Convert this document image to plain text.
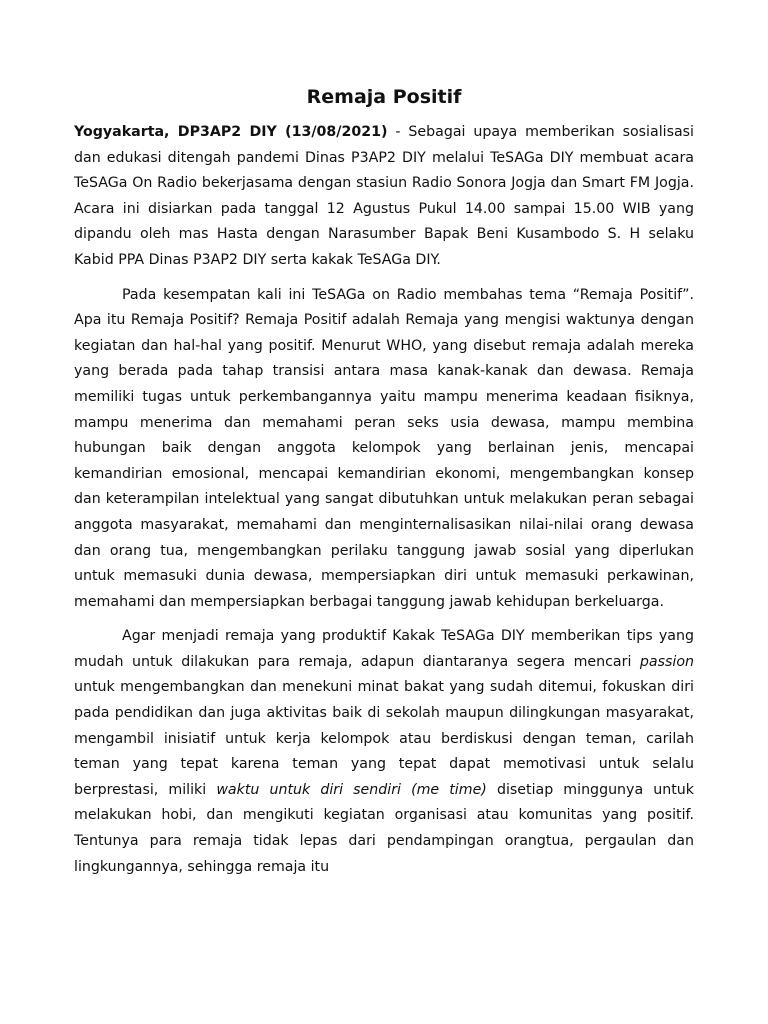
Remaja Positif

Yogyakarta, DP3AP2 DIY (13/08/2021) - Sebagai upaya memberikan sosialisasi dan edukasi ditengah pandemi Dinas P3AP2 DIY melalui TeSAGa DIY membuat acara TeSAGa On Radio bekerjasama dengan stasiun Radio Sonora Jogja dan Smart FM Jogja. Acara ini disiarkan pada tanggal 12 Agustus Pukul 14.00 sampai 15.00 WIB yang dipandu oleh mas Hasta dengan Narasumber Bapak Beni Kusambodo S. H selaku Kabid PPA Dinas P3AP2 DIY serta kakak TeSAGa DIY.

Pada kesempatan kali ini TeSAGa on Radio membahas tema “Remaja Positif”. Apa itu Remaja Positif? Remaja Positif adalah Remaja yang mengisi waktunya dengan kegiatan dan hal-hal yang positif. Menurut WHO, yang disebut remaja adalah mereka yang berada pada tahap transisi antara masa kanak-kanak dan dewasa. Remaja memiliki tugas untuk perkembangannya yaitu mampu menerima keadaan fisiknya, mampu menerima dan memahami peran seks usia dewasa, mampu membina hubungan baik dengan anggota kelompok yang berlainan jenis, mencapai kemandirian emosional, mencapai kemandirian ekonomi, mengembangkan konsep dan keterampilan intelektual yang sangat dibutuhkan untuk melakukan peran sebagai anggota masyarakat, memahami dan menginternalisasikan nilai-nilai orang dewasa dan orang tua, mengembangkan perilaku tanggung jawab sosial yang diperlukan untuk memasuki dunia dewasa, mempersiapkan diri untuk memasuki perkawinan, memahami dan mempersiapkan berbagai tanggung jawab kehidupan berkeluarga.

Agar menjadi remaja yang produktif Kakak TeSAGa DIY memberikan tips yang mudah untuk dilakukan para remaja, adapun diantaranya segera mencari passion untuk mengembangkan dan menekuni minat bakat yang sudah ditemui, fokuskan diri pada pendidikan dan juga aktivitas baik di sekolah maupun dilingkungan masyarakat, mengambil inisiatif untuk kerja kelompok atau berdiskusi dengan teman, carilah teman yang tepat karena teman yang tepat dapat memotivasi untuk selalu berprestasi, miliki waktu untuk diri sendiri (me time) disetiap minggunya untuk melakukan hobi, dan mengikuti kegiatan organisasi atau komunitas yang positif. Tentunya para remaja tidak lepas dari pendampingan orangtua, pergaulan dan lingkungannya, sehingga remaja itu
